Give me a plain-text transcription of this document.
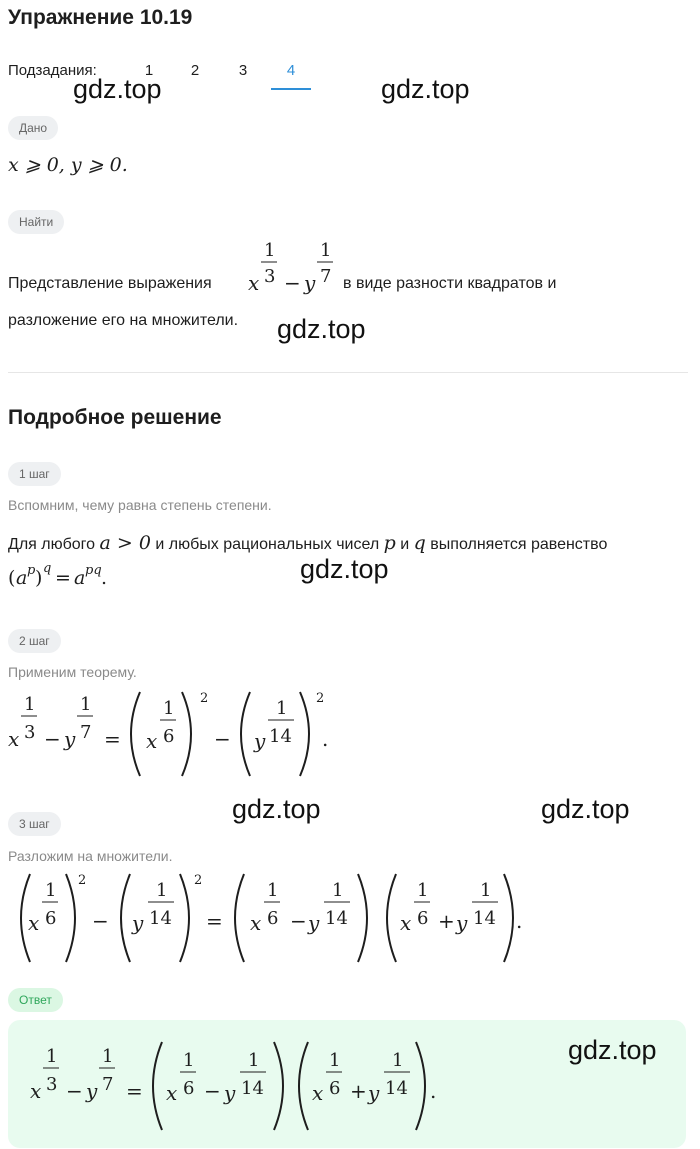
Упражнение 10.19
Подзадания:	1	2	3	4
Дано
x ⩾ 0, y ⩾ 0.
Найти
Представление выражения x
1
3 − y
1
7 в виде разности квадратов и
разложение его на множители.
Подробное решение
1 шаг
Вспомним, чему равна степень степени.
Для любого a > 0 и любых рациональных чисел p и q выполняется равенство
( a p ) q = a pq .
2 шаг
Применим теорему.
x
1
3 − y
1
7 = x
1
6
2
− y
1
14
2
.
3 шаг
Разложим на множители.
x
1
6
2
− y
1
14
2
= x
1
6 − y
1
14	x
1
6 + y
1
14 .
Ответ
x
1
3 − y
1
7 = x
1
6 − y
1
14 x
1
6 + y
1
14 .
gdz.top	gdz.top
gdz.top
gdz.top
gdz.top	gdz.top
gdz.top
